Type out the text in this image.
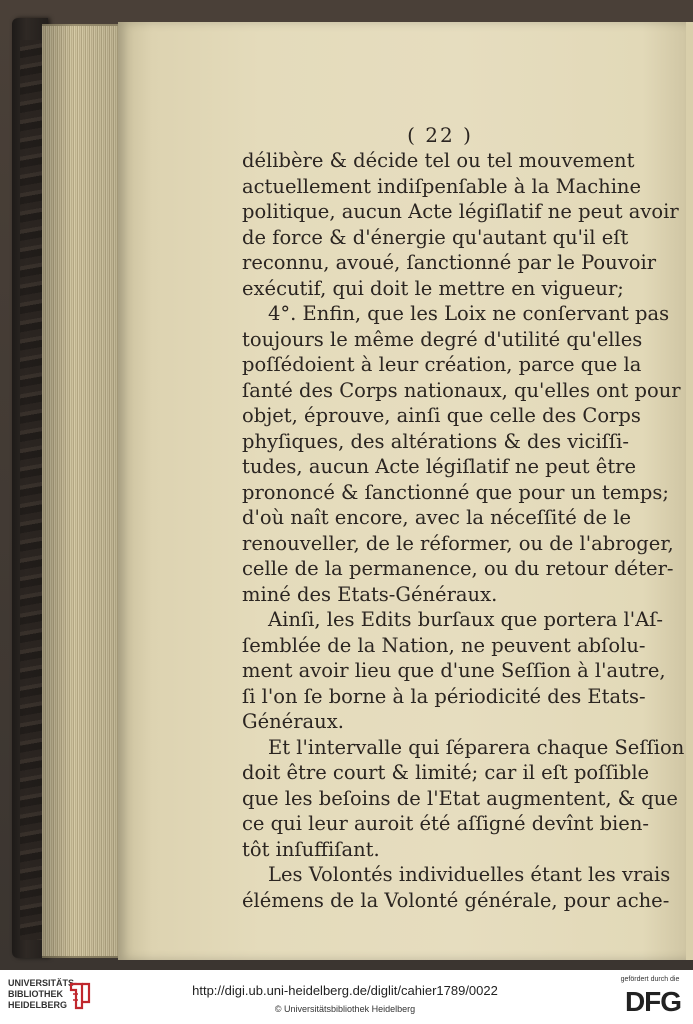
( 22 )
délibère & décide tel ou tel mouvement
actuellement indiſpenſable à la Machine
politique, aucun Acte légiſlatif ne peut avoir
de force & d'énergie qu'autant qu'il eſt
reconnu, avoué, ſanctionné par le Pouvoir
exécutif, qui doit le mettre en vigueur;
4°. Enfin, que les Loix ne conſervant pas
toujours le même degré d'utilité qu'elles
poſſédoient à leur création, parce que la
ſanté des Corps nationaux, qu'elles ont pour
objet, éprouve, ainſi que celle des Corps
phyſiques, des altérations & des viciſſi-
tudes, aucun Acte légiſlatif ne peut être
prononcé & ſanctionné que pour un temps;
d'où naît encore, avec la néceſſité de le
renouveller, de le réformer, ou de l'abroger,
celle de la permanence, ou du retour déter-
miné des Etats-Généraux.
Ainſi, les Edits burſaux que portera l'Aſ-
ſemblée de la Nation, ne peuvent abſolu-
ment avoir lieu que d'une Seſſion à l'autre,
ſi l'on ſe borne à la périodicité des Etats-
Généraux.
Et l'intervalle qui ſéparera chaque Seſſion
doit être court & limité; car il eſt poſſible
que les beſoins de l'Etat augmentent, & que
ce qui leur auroit été aſſigné devînt bien-
tôt inſuffiſant.
Les Volontés individuelles étant les vrais
élémens de la Volonté générale, pour ache-
UNIVERSITÄTS-
BIBLIOTHEK
HEIDELBERG
http://digi.ub.uni-heidelberg.de/diglit/cahier1789/0022
© Universitätsbibliothek Heidelberg
gefördert durch die
DFG
